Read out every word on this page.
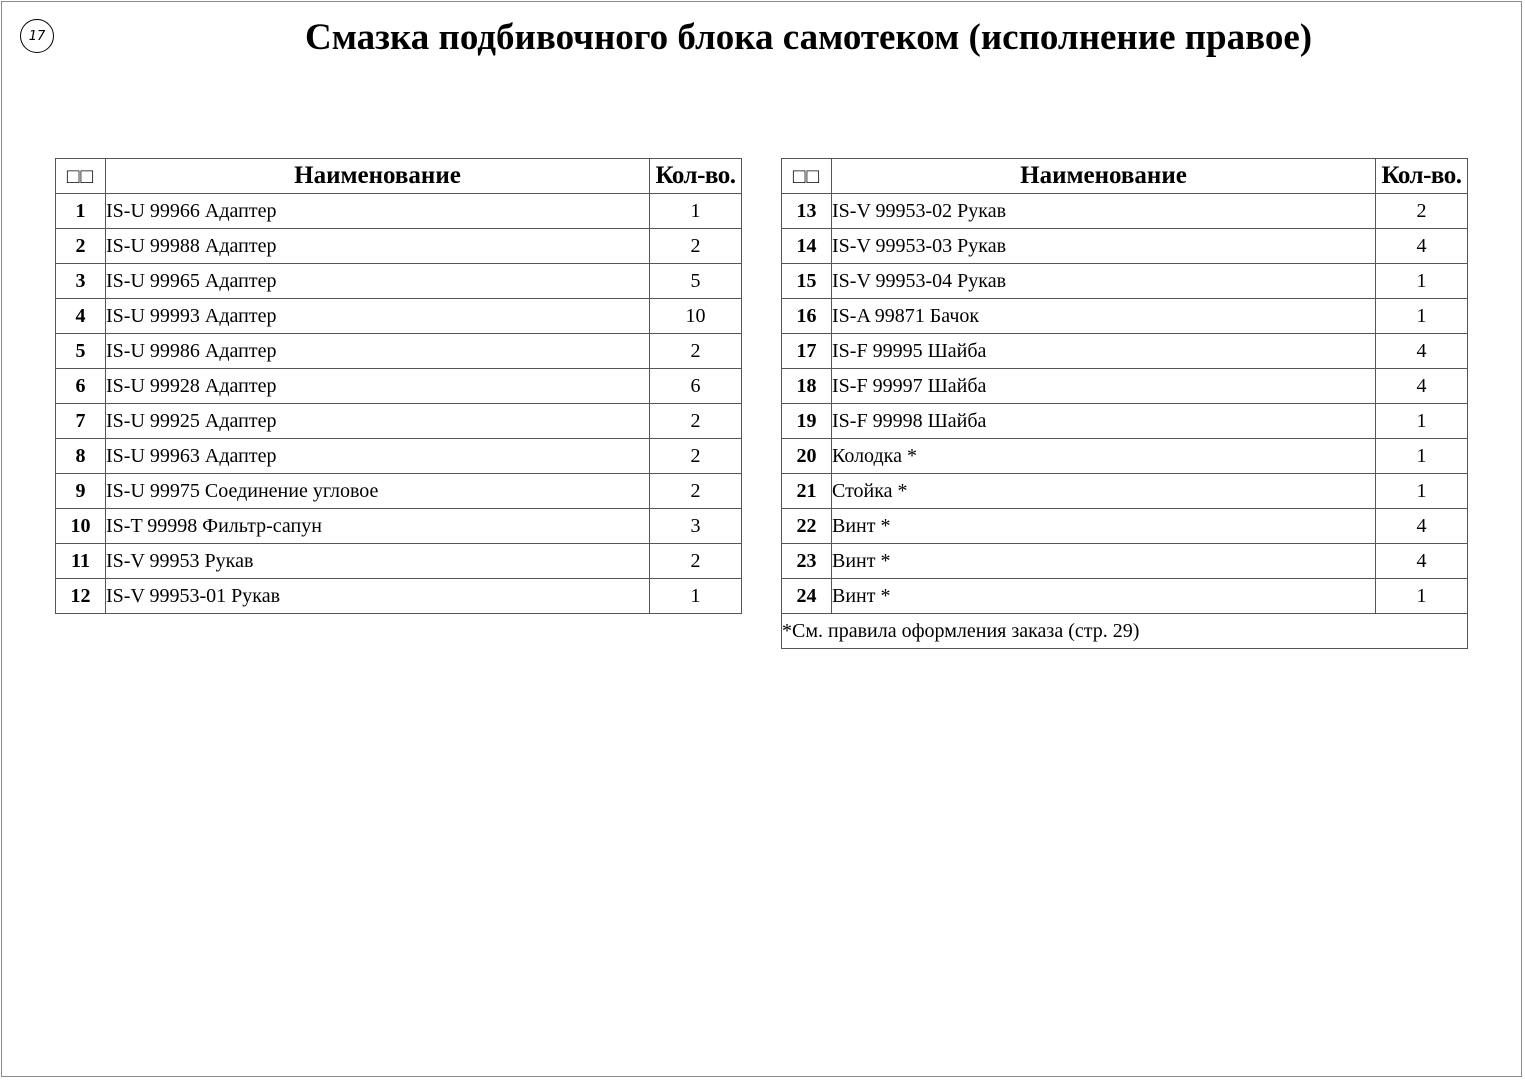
17	Смазка подбивочного блока самотеком (исполнение правое)
□□	Наименование	Кол-во.
1	IS-U 99966 Адаптер	1
2	IS-U 99988 Адаптер	2
3	IS-U 99965 Адаптер	5
4	IS-U 99993 Адаптер	10
5	IS-U 99986 Адаптер	2
6	IS-U 99928 Адаптер	6
7	IS-U 99925 Адаптер	2
8	IS-U 99963 Адаптер	2
9	IS-U 99975 Соединение угловое	2
10	IS-T 99998 Фильтр-сапун	3
11	IS-V 99953 Рукав	2
12	IS-V 99953-01 Рукав	1
□□	Наименование	Кол-во.
13	IS-V 99953-02 Рукав	2
14	IS-V 99953-03 Рукав	4
15	IS-V 99953-04 Рукав	1
16	IS-A 99871 Бачок	1
17	IS-F 99995 Шайба	4
18	IS-F 99997 Шайба	4
19	IS-F 99998 Шайба	1
20	Колодка *	1
21	Стойка *	1
22	Винт *	4
23	Винт *	4
24	Винт *	1
*См. правила оформления заказа (стр. 29)		
